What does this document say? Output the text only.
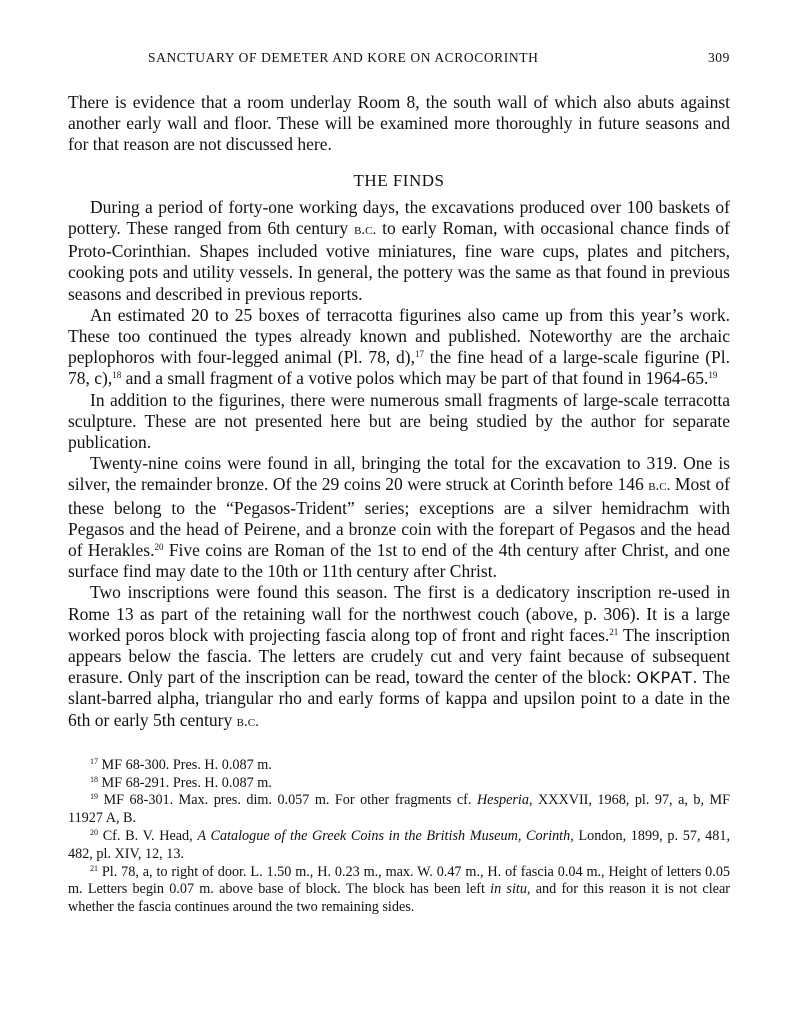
SANCTUARY OF DEMETER AND KORE ON ACROCORINTH	309

There is evidence that a room underlay Room 8, the south wall of which also abuts against another early wall and floor. These will be examined more thoroughly in future seasons and for that reason are not discussed here.

THE FINDS

During a period of forty-one working days, the excavations produced over 100 baskets of pottery. These ranged from 6th century b.c. to early Roman, with occasional chance finds of Proto-Corinthian. Shapes included votive miniatures, fine ware cups, plates and pitchers, cooking pots and utility vessels. In general, the pottery was the same as that found in previous seasons and described in previous reports.

An estimated 20 to 25 boxes of terracotta figurines also came up from this year’s work. These too continued the types already known and published. Noteworthy are the archaic peplophoros with four-legged animal (Pl. 78, d),$^{17}$ the fine head of a large-scale figurine (Pl. 78, c),$^{18}$ and a small fragment of a votive polos which may be part of that found in 1964-65.19

In addition to the figurines, there were numerous small fragments of large-scale terracotta sculpture. These are not presented here but are being studied by the author for separate publication.

Twenty-nine coins were found in all, bringing the total for the excavation to 319. One is silver, the remainder bronze. Of the 29 coins 20 were struck at Corinth before 146 b.c. Most of these belong to the “Pegasos-Trident” series; exceptions are a silver hemidrachm with Pegasos and the head of Peirene, and a bronze coin with the forepart of Pegasos and the head of Herakles.$^{20}$ Five coins are Roman of the 1st to end of the 4th century after Christ, and one surface find may date to the 10th or 11th century after Christ.

Two inscriptions were found this season. The first is a dedicatory inscription re-used in Rome 13 as part of the retaining wall for the northwest couch (above, p. 306). It is a large worked poros block with projecting fascia along top of front and right faces.$^{21}$ The inscription appears below the fascia. The letters are crudely cut and very faint because of subsequent erasure. Only part of the inscription can be read, toward the center of the block: ΟΚΡΑΤ. The slant-barred alpha, triangular rho and early forms of kappa and upsilon point to a date in the 6th or early 5th century b.c.

$^{17}$ MF 68-300. Pres. H. 0.087 m.
$^{18}$ MF 68-291. Pres. H. 0.087 m.
$^{19}$ MF 68-301. Max. pres. dim. 0.057 m. For other fragments cf. Hesperia, XXXVII, 1968, pl. 97, a, b, MF 11927 A, B.
$^{20}$ Cf. B. V. Head, A Catalogue of the Greek Coins in the British Museum, Corinth, London, 1899, p. 57, 481, 482, pl. XIV, 12, 13.
$^{21}$ Pl. 78, a, to right of door. L. 1.50 m., H. 0.23 m., max. W. 0.47 m., H. of fascia 0.04 m., Height of letters 0.05 m. Letters begin 0.07 m. above base of block. The block has been left in situ, and for this reason it is not clear whether the fascia continues around the two remaining sides.
